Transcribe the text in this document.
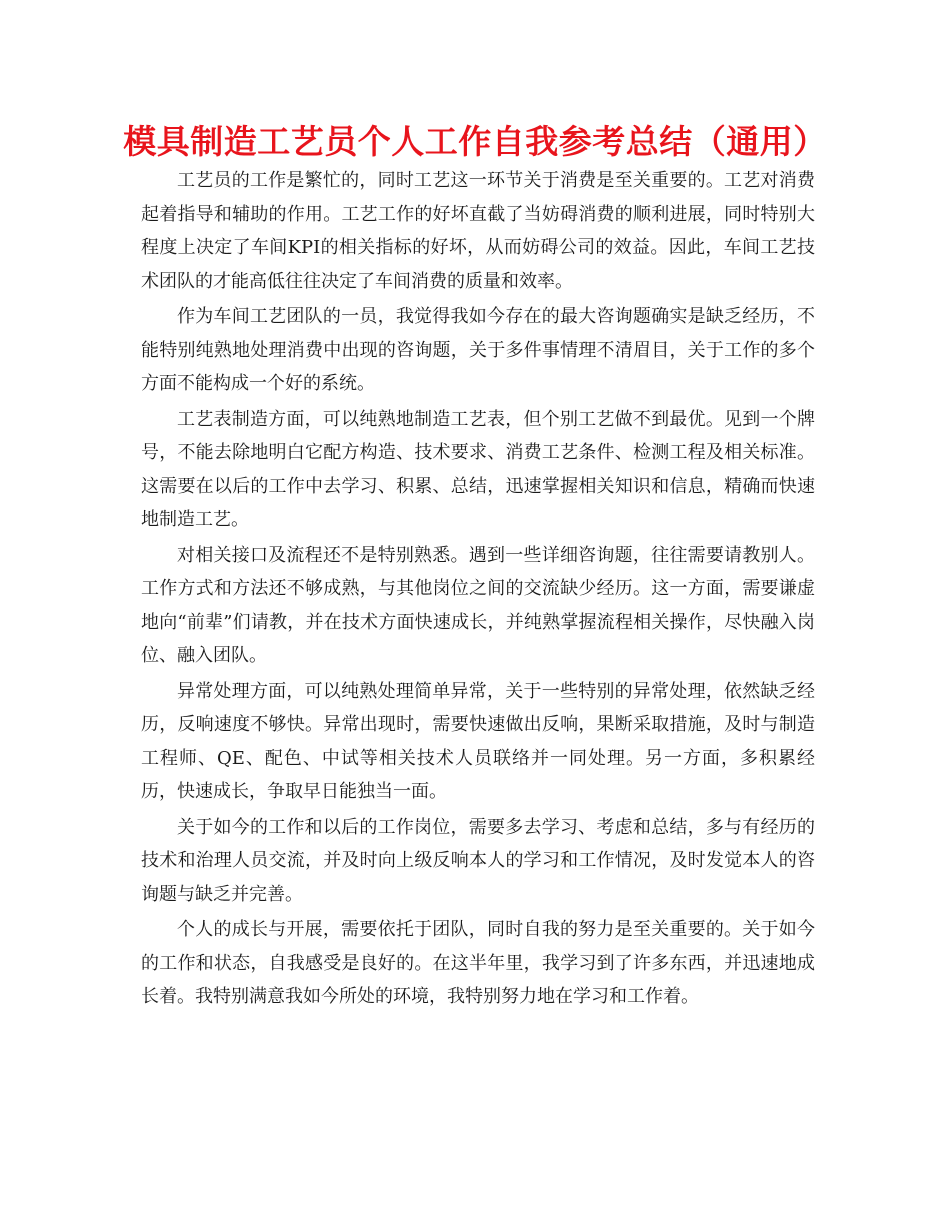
模具制造工艺员个人工作自我参考总结（通用）

工艺员的工作是繁忙的，同时工艺这一环节关于消费是至关重要的。工艺对消费起着指导和辅助的作用。工艺工作的好坏直截了当妨碍消费的顺利进展，同时特别大程度上决定了车间KPI的相关指标的好坏，从而妨碍公司的效益。因此，车间工艺技术团队的才能高低往往决定了车间消费的质量和效率。

作为车间工艺团队的一员，我觉得我如今存在的最大咨询题确实是缺乏经历，不能特别纯熟地处理消费中出现的咨询题，关于多件事情理不清眉目，关于工作的多个方面不能构成一个好的系统。

工艺表制造方面，可以纯熟地制造工艺表，但个别工艺做不到最优。见到一个牌号，不能去除地明白它配方构造、技术要求、消费工艺条件、检测工程及相关标准。这需要在以后的工作中去学习、积累、总结，迅速掌握相关知识和信息，精确而快速地制造工艺。

对相关接口及流程还不是特别熟悉。遇到一些详细咨询题，往往需要请教别人。工作方式和方法还不够成熟，与其他岗位之间的交流缺少经历。这一方面，需要谦虚地向“前辈”们请教，并在技术方面快速成长，并纯熟掌握流程相关操作，尽快融入岗位、融入团队。

异常处理方面，可以纯熟处理简单异常，关于一些特别的异常处理，依然缺乏经历，反响速度不够快。异常出现时，需要快速做出反响，果断采取措施，及时与制造工程师、QE、配色、中试等相关技术人员联络并一同处理。另一方面，多积累经历，快速成长，争取早日能独当一面。

关于如今的工作和以后的工作岗位，需要多去学习、考虑和总结，多与有经历的技术和治理人员交流，并及时向上级反响本人的学习和工作情况，及时发觉本人的咨询题与缺乏并完善。

个人的成长与开展，需要依托于团队，同时自我的努力是至关重要的。关于如今的工作和状态，自我感受是良好的。在这半年里，我学习到了许多东西，并迅速地成长着。我特别满意我如今所处的环境，我特别努力地在学习和工作着。
